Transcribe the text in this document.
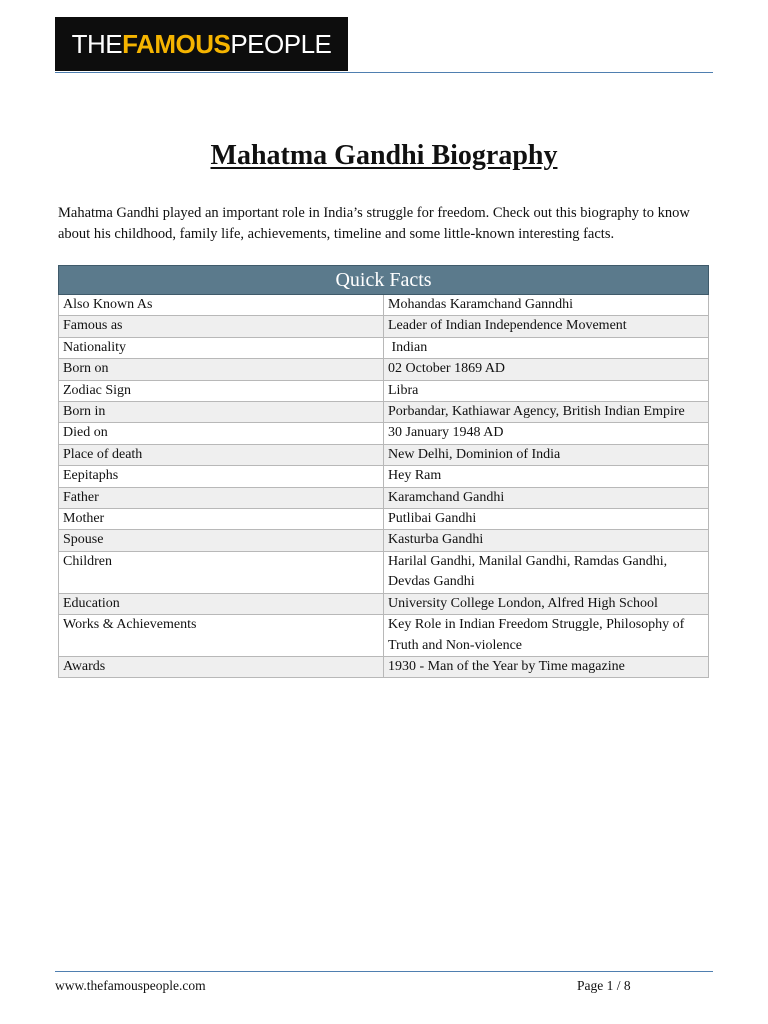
THE FAMOUS PEOPLE
Mahatma Gandhi Biography

Mahatma Gandhi played an important role in India’s struggle for freedom. Check out this biography to know about his childhood, family life, achievements, timeline and some little-known interesting facts.

Quick Facts	
Also Known As	Mohandas Karamchand Ganndhi
Famous as	Leader of Indian Independence Movement
Nationality	Indian
Born on	02 October 1869 AD
Zodiac Sign	Libra
Born in	Porbandar, Kathiawar Agency, British Indian Empire
Died on	30 January 1948 AD
Place of death	New Delhi, Dominion of India
Eepitaphs	Hey Ram
Father	Karamchand Gandhi
Mother	Putlibai Gandhi
Spouse	Kasturba Gandhi
Children	Harilal Gandhi, Manilal Gandhi, Ramdas Gandhi, Devdas Gandhi
Education	University College London, Alfred High School
Works & Achievements	Key Role in Indian Freedom Struggle, Philosophy of Truth and Non-violence
Awards	1930 - Man of the Year by Time magazine
www.thefamouspeople.com	Page 1 / 8
